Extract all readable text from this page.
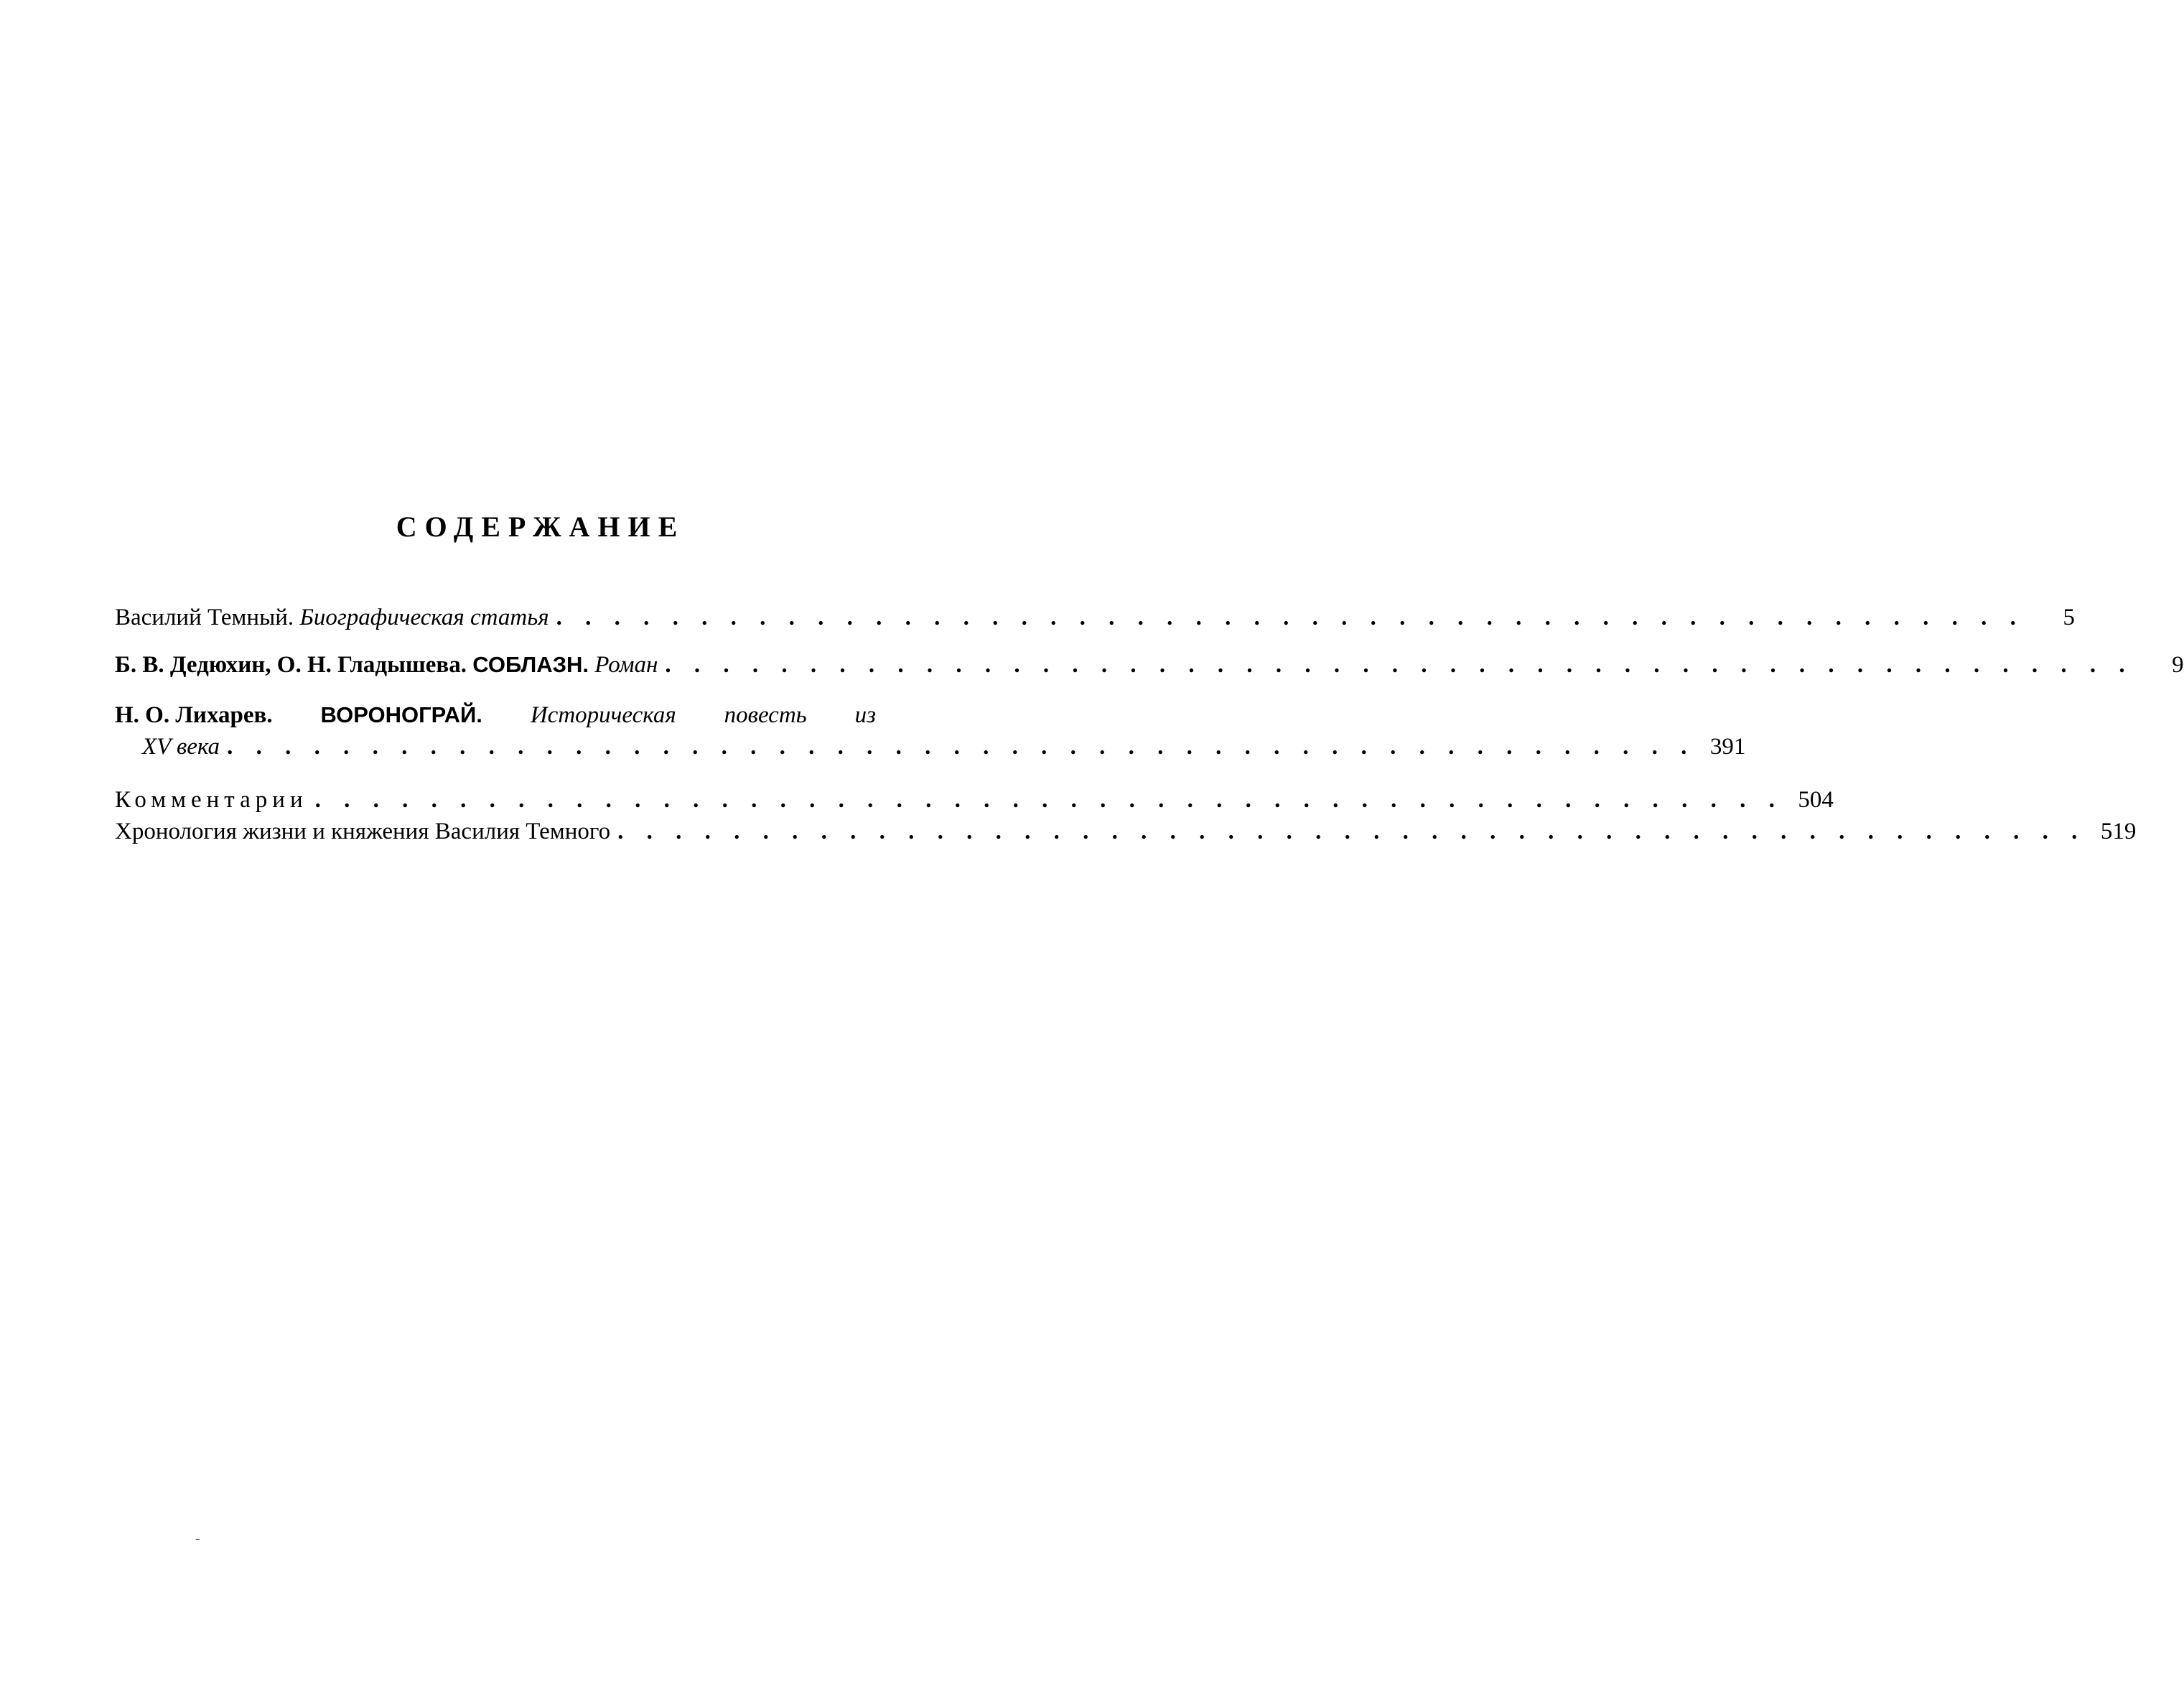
СОДЕРЖАНИЕ
Василий Темный. Биографическая статья . . . . . . . . . . . . . . . . . . . . . . . . . . . . . . . . . . . . . . . . . . . . . . . . . . .	5
Б. В. Дедюхин, О. Н. Гладышева. СОБЛАЗН. Роман . . . . . . . . . . . . . . . . . . . . . . . . . . . . . . . . . . . . . . . . . . . . . . . . . . .	9
Н. О. Лихарев. ВОРОНОГРАЙ. Историческая повесть из
XV века . . . . . . . . . . . . . . . . . . . . . . . . . . . . . . . . . . . . . . . . . . . . . . . . . . . 391
Комментарии . . . . . . . . . . . . . . . . . . . . . . . . . . . . . . . . . . . . . . . . . . . . . . . . . . . 504
Хронология жизни и княжения Василия Темного . . . . . . . . . . . . . . . . . . . . . . . . . . . . . . . . . . . . . . . . . . . . . . . . . . . 519
-
